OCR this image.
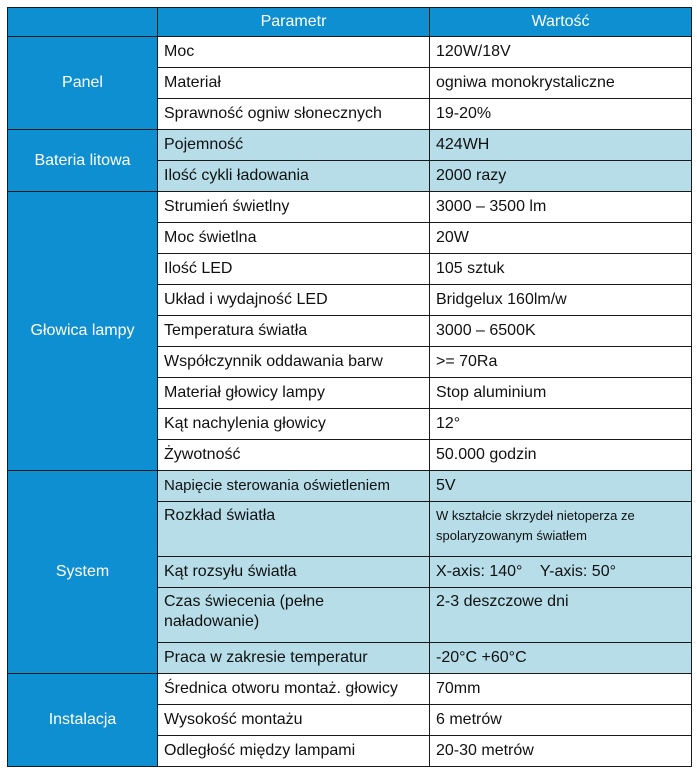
	Parametr	Wartość
Panel	Moc	120W/18V
	Materiał	ogniwa monokrystaliczne
	Sprawność ogniw słonecznych	19-20%
Bateria litowa	Pojemność	424WH
	Ilość cykli ładowania	2000 razy
Głowica lampy	Strumień świetlny	3000 – 3500 lm
	Moc świetlna	20W
	Ilość LED	105 sztuk
	Układ i wydajność LED	Bridgelux 160lm/w
	Temperatura światła	3000 – 6500K
	Współczynnik oddawania barw	>= 70Ra
	Materiał głowicy lampy	Stop aluminium
	Kąt nachylenia głowicy	12°
	Żywotność	50.000 godzin
System	Napięcie sterowania oświetleniem	5V
	Rozkład światła	W kształcie skrzydeł nietoperza ze spolaryzowanym światłem
	Kąt rozsyłu światła	X-axis: 140°    Y-axis: 50°
	Czas świecenia (pełne naładowanie)	2-3 deszczowe dni
	Praca w zakresie temperatur	-20°C +60°C
Instalacja	Średnica otworu montaż. głowicy	70mm
	Wysokość montażu	6 metrów
	Odległość między lampami	20-30 metrów
